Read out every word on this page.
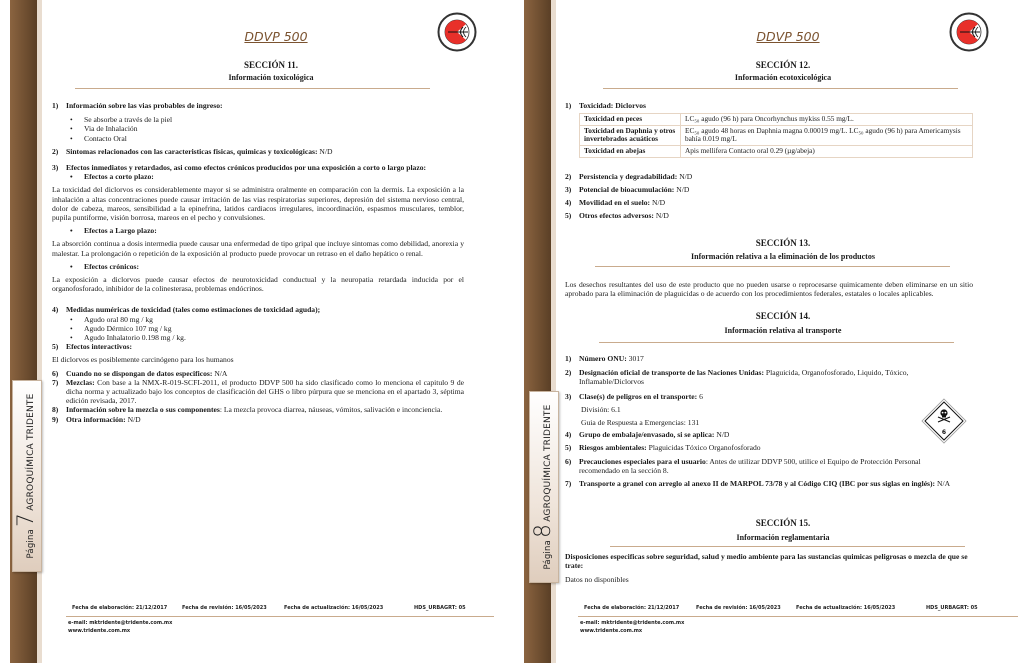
Página
7
AGROQUÍMICA TRIDENTE
DDVP 500
SECCIÓN 11.
Información toxicológica
1)	Información sobre las vias probables de ingreso:
• Se absorbe a través de la piel
• Via de Inhalación
• Contacto Oral
2)	Sintomas relacionados con las caracteristicas fisicas, quimicas y toxicológicas: N/D
3)	Efectos inmediatos y retardados, asi como efectos crónicos producidos por una exposición a corto o largo plazo:
• Efectos a corto plazo:
La toxicidad del diclorvos es considerablemente mayor si se administra oralmente en comparación con la dermis. La exposición a la inhalación a altas concentraciones puede causar irritación de las vias respiratorias superiores, depresión del sistema nervioso central, dolor de cabeza, mareos, sensibilidad a la epinefrina, latidos cardiacos irregulares, incoordinación, espasmos musculares, temblor, pupila puntiforme, visión borrosa, mareos en el pecho y convulsiones.
• Efectos a Largo plazo:
La absorción continua a dosis intermedia puede causar una enfermedad de tipo gripal que incluye sintomas como debilidad, anorexia y malestar. La prolongación o repetición de la exposición al producto puede provocar un retraso en el daño hepático o renal.
• Efectos crónicos:
La exposición a diclorvos puede causar efectos de neurotoxicidad conductual y la neuropatia retardada inducida por el organofosforado, inhibidor de la colinesterasa, problemas endócrinos.
4)	Medidas numéricas de toxicidad (tales como estimaciones de toxicidad aguda);
• Agudo oral 80 mg / kg
• Agudo Dérmico 107 mg / kg
• Agudo Inhalatorio 0.198 mg / kg.
5)	Efectos interactivos:
El diclorvos es posiblemente carcinógeno para los humanos
6)	Cuando no se dispongan de datos especificos: N/A
7)	Mezclas: Con base a la NMX-R-019-SCFI-2011, el producto DDVP 500 ha sido clasificado como lo menciona el capitulo 9 de dicha norma y actualizado bajo los conceptos de clasificación del GHS o libro púrpura que se menciona en el apartado 3, séptima edición revisada, 2017.
8)	Información sobre la mezcla o sus componentes: La mezcla provoca diarrea, náuseas, vómitos, salivación e inconciencia.
9)	Otra información: N/D
Fecha de elaboración: 21/12/2017	Fecha de revisión: 16/05/2023	Fecha de actualización: 16/05/2023	HDS_URBAGRT: 05
e-mail: mktridente@tridente.com.mx
www.tridente.com.mx
Página
8
AGROQUÍMICA TRIDENTE
DDVP 500
SECCIÓN 12.
Información ecotoxicológica
1)	Toxicidad: Diclorvos
Toxicidad en peces	LC₅₀ agudo (96 h) para Oncorhynchus mykiss 0.55 mg/L.
Toxicidad en Daphnia y otros invertebrados acuáticos	EC₅₀ agudo 48 horas en Daphnia magna 0.00019 mg/L. LC₅₀ agudo (96 h) para Americamysis bahía 0.019 mg/L
Toxicidad en abejas	Apis mellifera Contacto oral 0.29 (µg/abeja)
2)	Persistencia y degradabilidad: N/D
3)	Potencial de bioacumulación: N/D
4)	Movilidad en el suelo: N/D
5)	Otros efectos adversos: N/D
SECCIÓN 13.
Información relativa a la eliminación de los productos
Los desechos resultantes del uso de este producto que no pueden usarse o reprocesarse quimicamente deben eliminarse en un sitio aprobado para la eliminación de plaguicidas o de acuerdo con los procedimientos federales, estatales o locales aplicables.
SECCIÓN 14.
Información relativa al transporte
1)	Número ONU: 3017
2)	Designación oficial de transporte de las Naciones Unidas: Plaguicida, Organofosforado, Liquido, Tóxico, Inflamable/Diclorvos
3)	Clase(s) de peligros en el transporte: 6
División: 6.1
Guia de Respuesta a Emergencias: 131
4)	Grupo de embalaje/envasado, si se aplica: N/D
5)	Riesgos ambientales: Plaguicidas Tóxico Organofosforado
6)	Precauciones especiales para el usuario: Antes de utilizar DDVP 500, utilice el Equipo de Protección Personal recomendado en la sección 8.
7)	Transporte a granel con arreglo al anexo II de MARPOL 73/78 y al Código CIQ (IBC por sus siglas en inglés): N/A
6
SECCIÓN 15.
Información reglamentaria
Disposiciones especificas sobre seguridad, salud y medio ambiente para las sustancias quimicas peligrosas o mezcla de que se trate:
Datos no disponibles
Fecha de elaboración: 21/12/2017	Fecha de revisión: 16/05/2023	Fecha de actualización: 16/05/2023	HDS_URBAGRT: 05
e-mail: mktridente@tridente.com.mx
www.tridente.com.mx
